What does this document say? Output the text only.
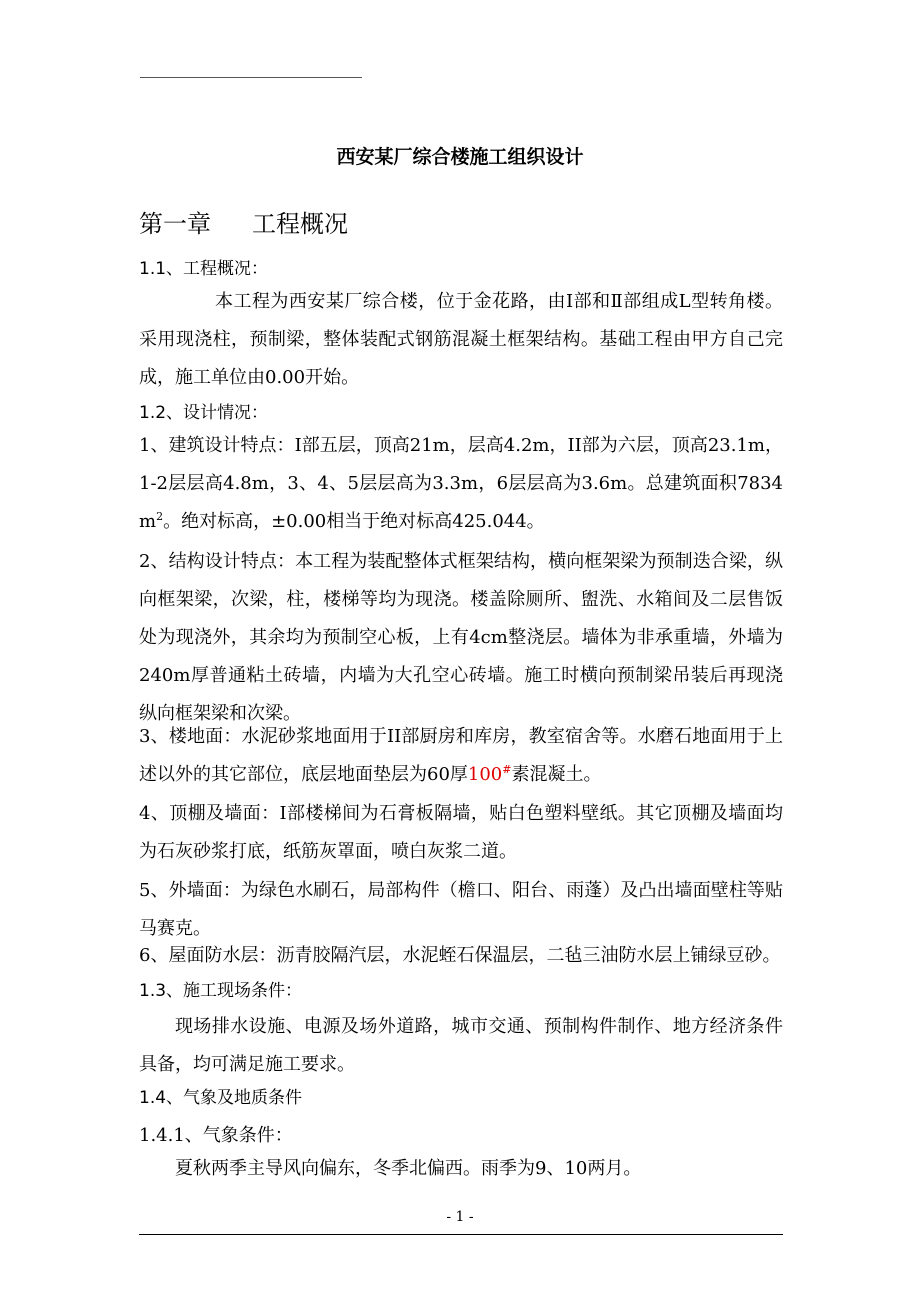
西安某厂综合楼施工组织设计
第一章 工程概况
1.1、工程概况：
本工程为西安某厂综合楼，位于金花路，由Ⅰ部和Ⅱ部组成L型转角楼。采用现浇柱，预制梁，整体装配式钢筋混凝土框架结构。基础工程由甲方自己完成，施工单位由0.00开始。
1.2、设计情况：
1、建筑设计特点：I部五层，顶高21m，层高4.2m，II部为六层，顶高23.1m，1-2层层高4.8m，3、4、5层层高为3.3m，6层层高为3.6m。总建筑面积$7834m^2$。绝对标高，±0.00相当于绝对标高425.044。
2、结构设计特点：本工程为装配整体式框架结构，横向框架梁为预制迭合梁，纵向框架梁，次梁，柱，楼梯等均为现浇。楼盖除厕所、盥洗、水箱间及二层售饭处为现浇外，其余均为预制空心板，上有4cm整浇层。墙体为非承重墙，外墙为240m厚普通粘土砖墙，内墙为大孔空心砖墙。施工时横向预制梁吊装后再现浇纵向框架梁和次梁。
3、楼地面：水泥砂浆地面用于II部厨房和库房，教室宿舍等。水磨石地面用于上述以外的其它部位，底层地面垫层为60厚100#素混凝土。
4、顶棚及墙面：I部楼梯间为石膏板隔墙，贴白色塑料壁纸。其它顶棚及墙面均为石灰砂浆打底，纸筋灰罩面，喷白灰浆二道。
5、外墙面：为绿色水刷石，局部构件（檐口、阳台、雨蓬）及凸出墙面壁柱等贴马赛克。
6、屋面防水层：沥青胶隔汽层，水泥蛭石保温层，二毡三油防水层上铺绿豆砂。
1.3、施工现场条件：
现场排水设施、电源及场外道路，城市交通、预制构件制作、地方经济条件具备，均可满足施工要求。
1.4、气象及地质条件
1.4.1、气象条件：
夏秋两季主导风向偏东，冬季北偏西。雨季为9、10两月。
- 1 -
